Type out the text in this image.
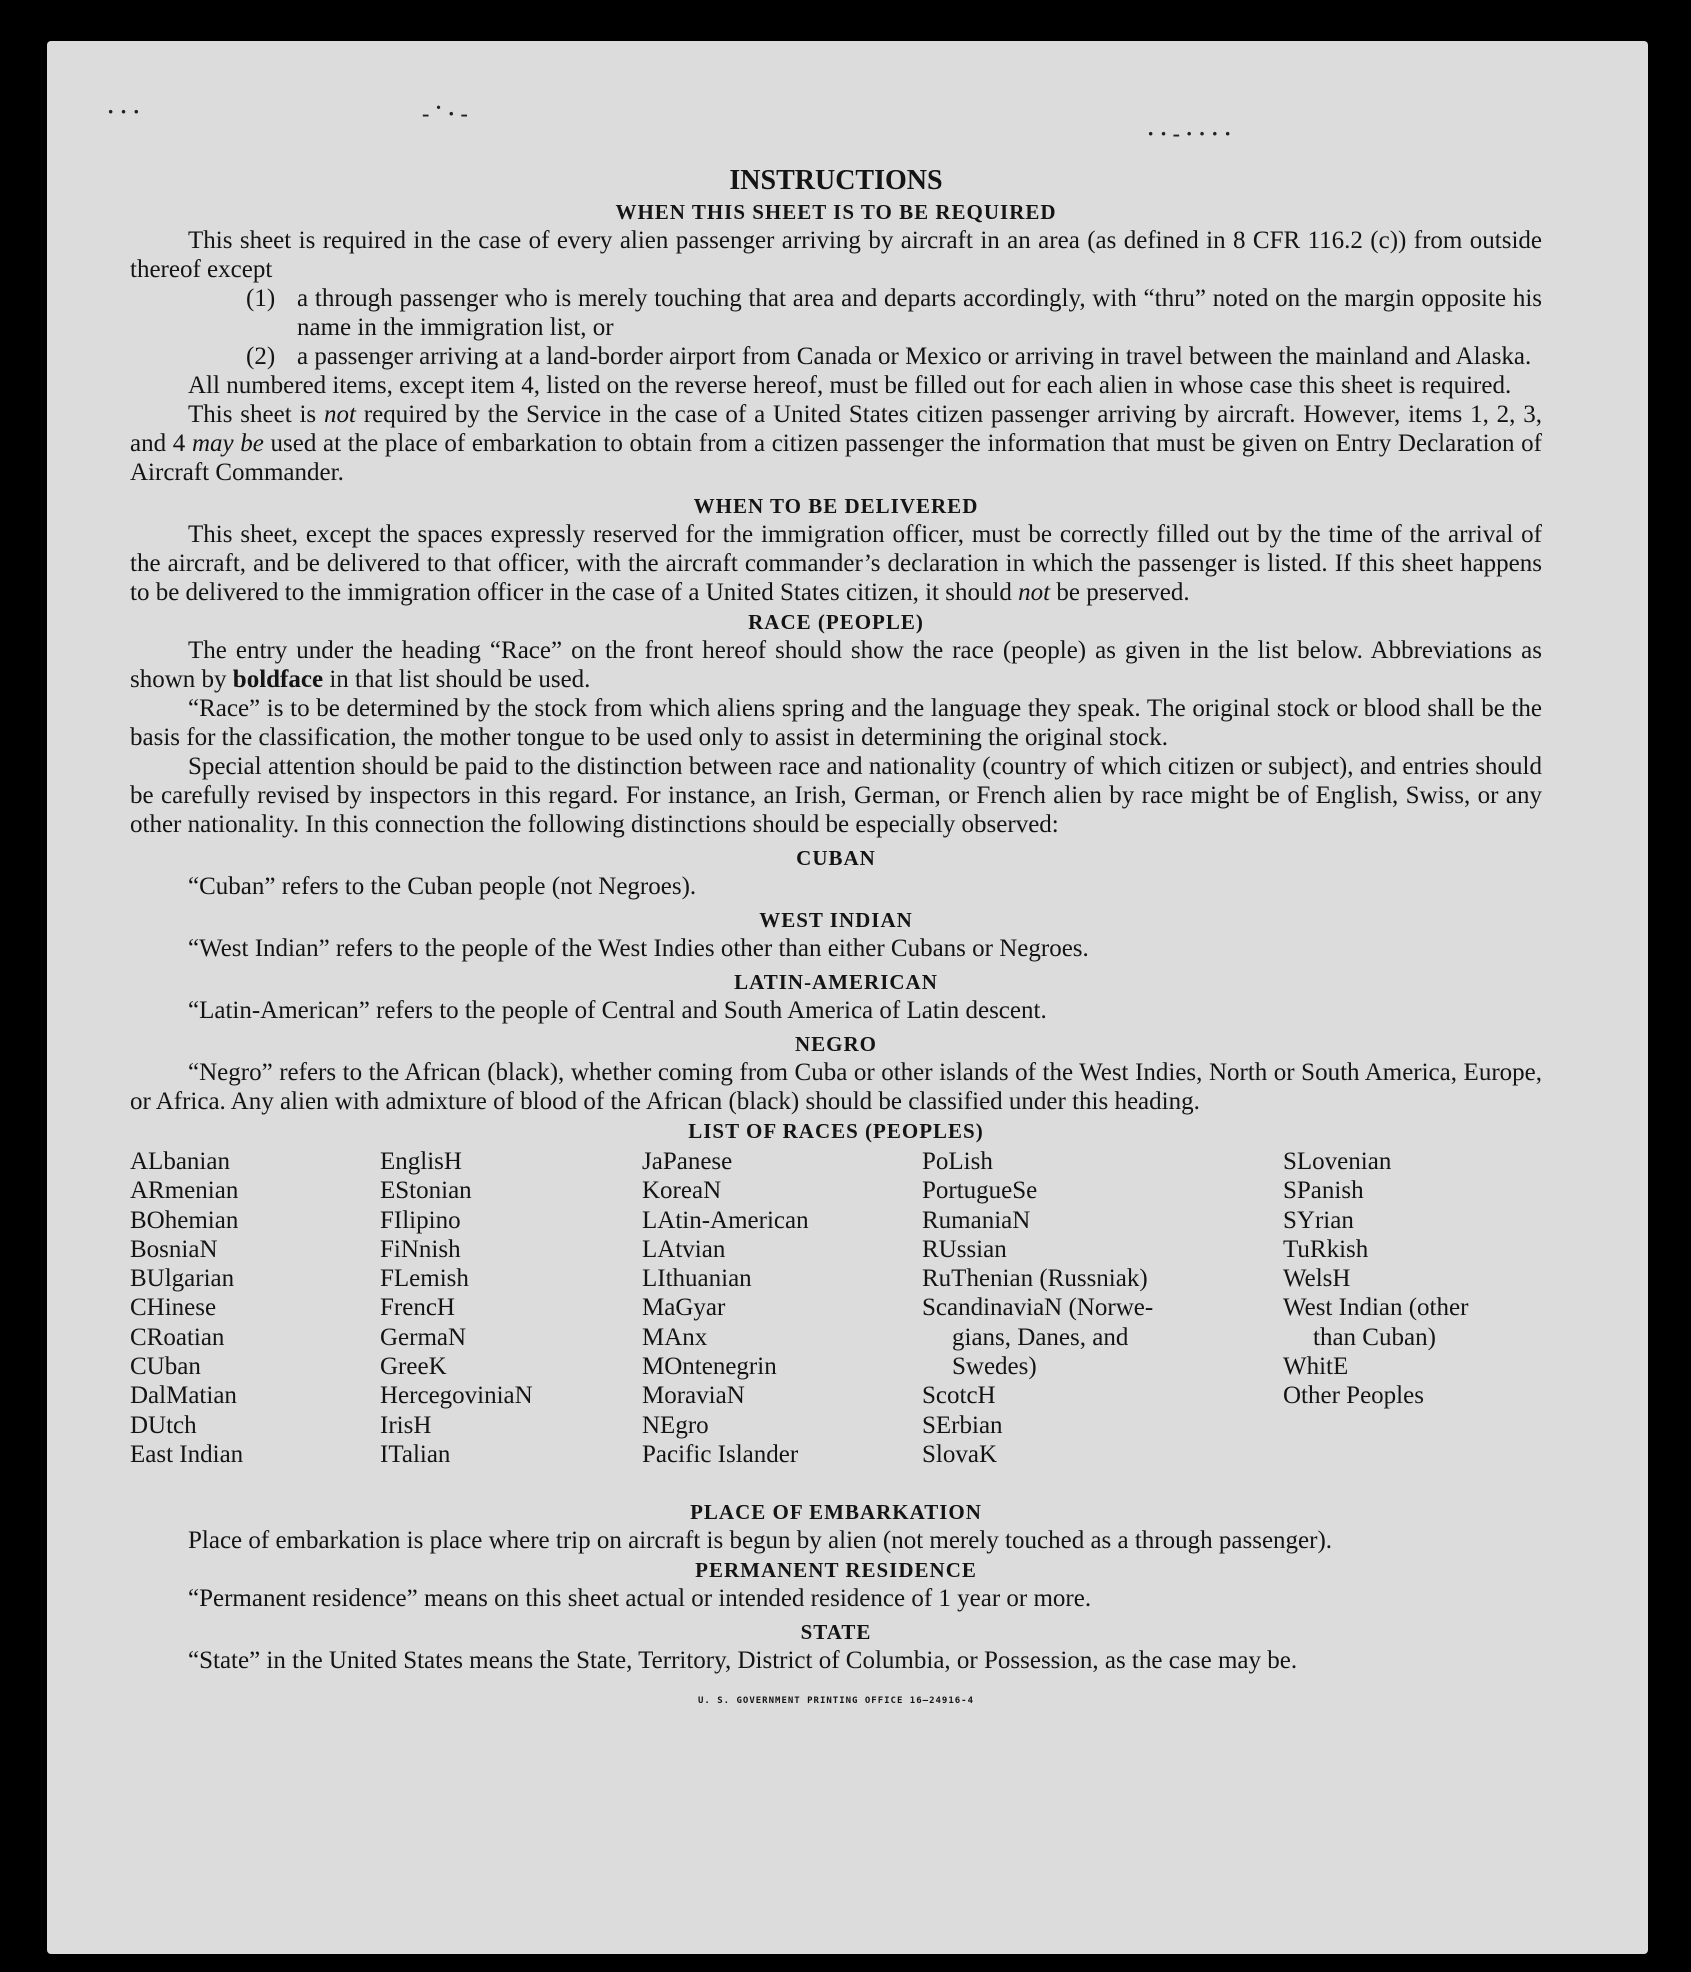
· · ·	‐ ˙ · ‐
· · ‐ · · · ·
INSTRUCTIONS
WHEN THIS SHEET IS TO BE REQUIRED

This sheet is required in the case of every alien passenger arriving by aircraft in an area (as defined in 8 CFR 116.2 (c)) from outside thereof except

(1) a through passenger who is merely touching that area and departs accordingly, with “thru” noted on the margin opposite his name in the immigration list, or
(2) a passenger arriving at a land-border airport from Canada or Mexico or arriving in travel between the mainland and Alaska.

All numbered items, except item 4, listed on the reverse hereof, must be filled out for each alien in whose case this sheet is required.

This sheet is not required by the Service in the case of a United States citizen passenger arriving by aircraft. However, items 1, 2, 3, and 4 may be used at the place of embarkation to obtain from a citizen passenger the information that must be given on Entry Declaration of Aircraft Commander.

WHEN TO BE DELIVERED

This sheet, except the spaces expressly reserved for the immigration officer, must be correctly filled out by the time of the arrival of the aircraft, and be delivered to that officer, with the aircraft commander’s declaration in which the passenger is listed. If this sheet happens to be delivered to the immigration officer in the case of a United States citizen, it should not be preserved.

RACE (PEOPLE)

The entry under the heading “Race” on the front hereof should show the race (people) as given in the list below. Abbreviations as shown by boldface in that list should be used.

“Race” is to be determined by the stock from which aliens spring and the language they speak. The original stock or blood shall be the basis for the classification, the mother tongue to be used only to assist in determining the original stock.

Special attention should be paid to the distinction between race and nationality (country of which citizen or subject), and entries should be carefully revised by inspectors in this regard. For instance, an Irish, German, or French alien by race might be of English, Swiss, or any other nationality. In this connection the following distinctions should be especially observed:

CUBAN

“Cuban” refers to the Cuban people (not Negroes).

WEST INDIAN

“West Indian” refers to the people of the West Indies other than either Cubans or Negroes.

LATIN-AMERICAN

“Latin-American” refers to the people of Central and South America of Latin descent.

NEGRO

“Negro” refers to the African (black), whether coming from Cuba or other islands of the West Indies, North or South America, Europe, or Africa. Any alien with admixture of blood of the African (black) should be classified under this heading.

LIST OF RACES (PEOPLES)
ALbanian
ARmenian
BOhemian
BosniaN
BUlgarian
CHinese
CRoatian
CUban
DalMatian
DUtch
East Indian
EnglisH
EStonian
FIlipino
FiNnish
FLemish
FrencH
GermaN
GreeK
HercegoviniaN
IrisH
ITalian
JaPanese
KoreaN
LAtin-American
LAtvian
LIthuanian
MaGyar
MAnx
MOntenegrin
MoraviaN
NEgro
Pacific Islander
PoLish
PortugueSe
RumaniaN
RUssian
RuThenian (Russniak)
ScandinaviaN (Norwe-
gians, Danes, and
Swedes)
ScotcH
SErbian
SlovaK
SLovenian
SPanish
SYrian
TuRkish
WelsH
West Indian (other
than Cuban)
WhitE
Other Peoples
PLACE OF EMBARKATION

Place of embarkation is place where trip on aircraft is begun by alien (not merely touched as a through passenger).

PERMANENT RESIDENCE

“Permanent residence” means on this sheet actual or intended residence of 1 year or more.

STATE

“State” in the United States means the State, Territory, District of Columbia, or Possession, as the case may be.

U. S. GOVERNMENT PRINTING OFFICE 16—24916-4
